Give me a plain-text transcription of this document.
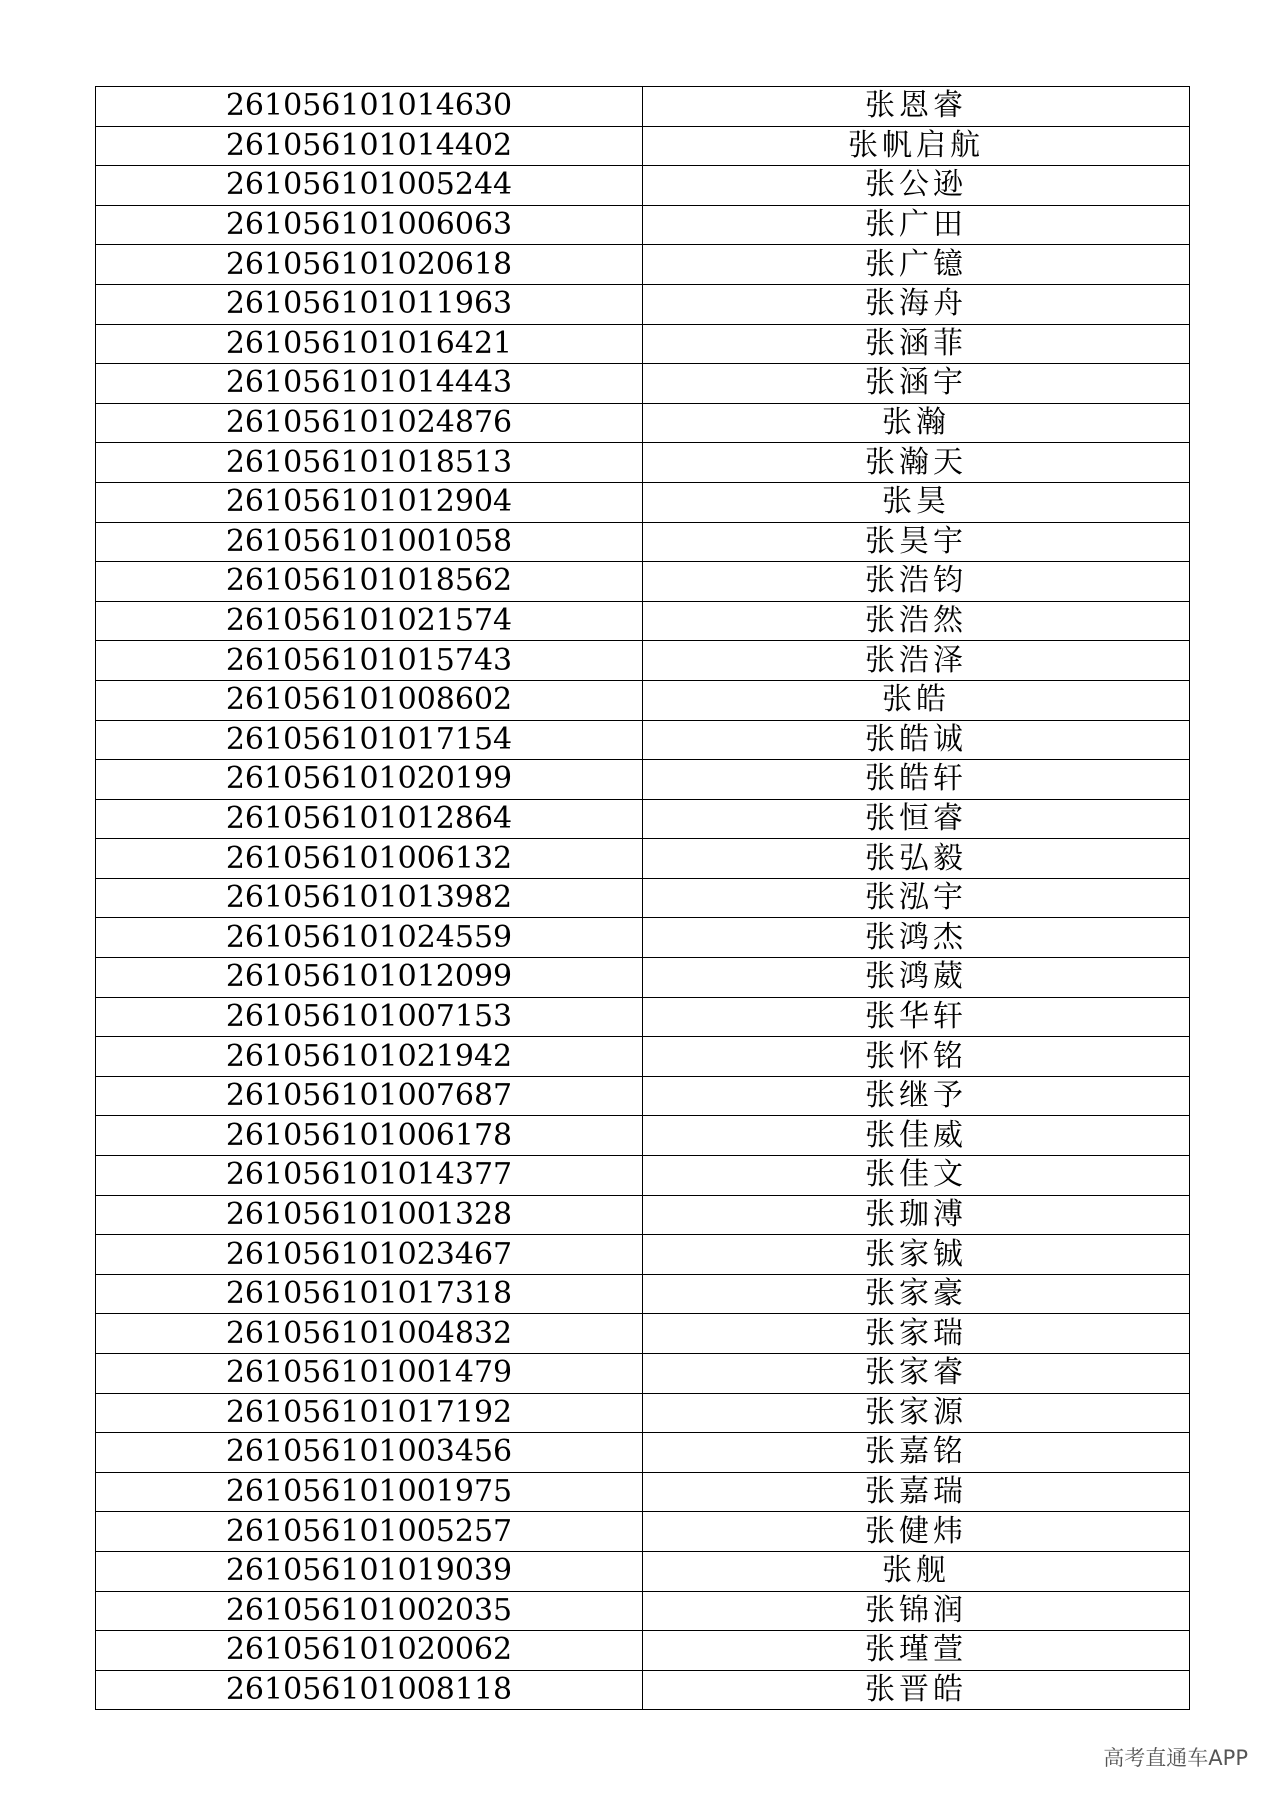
261056101014630	张恩睿
261056101014402	张帆启航
261056101005244	张公逊
261056101006063	张广田
261056101020618	张广镱
261056101011963	张海舟
261056101016421	张涵菲
261056101014443	张涵宇
261056101024876	张瀚
261056101018513	张瀚天
261056101012904	张昊
261056101001058	张昊宇
261056101018562	张浩钧
261056101021574	张浩然
261056101015743	张浩泽
261056101008602	张皓
261056101017154	张皓诚
261056101020199	张皓轩
261056101012864	张恒睿
261056101006132	张弘毅
261056101013982	张泓宇
261056101024559	张鸿杰
261056101012099	张鸿葳
261056101007153	张华轩
261056101021942	张怀铭
261056101007687	张继予
261056101006178	张佳威
261056101014377	张佳文
261056101001328	张珈溥
261056101023467	张家铖
261056101017318	张家豪
261056101004832	张家瑞
261056101001479	张家睿
261056101017192	张家源
261056101003456	张嘉铭
261056101001975	张嘉瑞
261056101005257	张健炜
261056101019039	张舰
261056101002035	张锦润
261056101020062	张瑾萱
261056101008118	张晋皓
高考直通车APP
